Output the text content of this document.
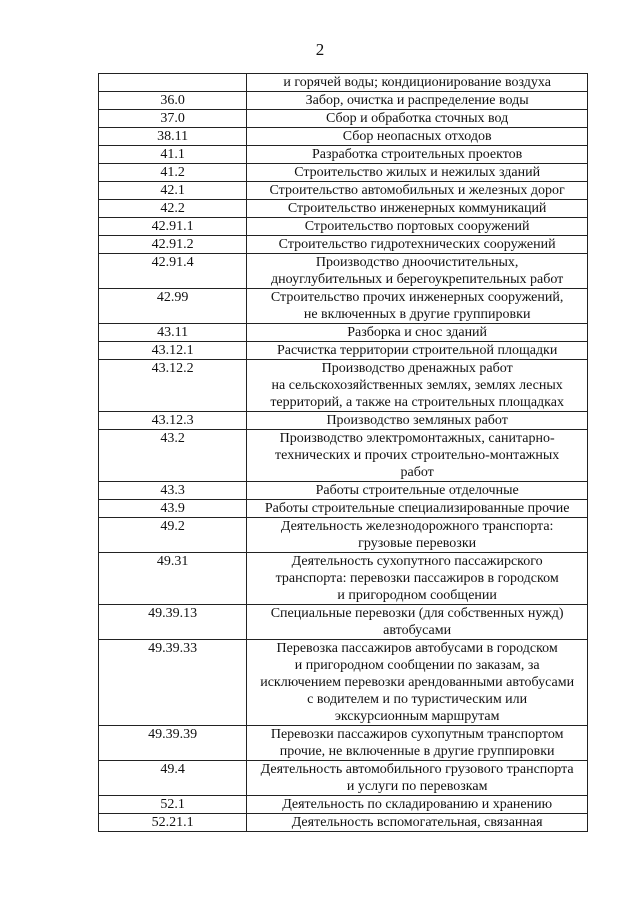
2

	и горячей воды; кондиционирование воздуха

36.0	Забор, очистка и распределение воды

37.0	Сбор и обработка сточных вод

38.11	Сбор неопасных отходов

41.1	Разработка строительных проектов

41.2	Строительство жилых и нежилых зданий

42.1	Строительство автомобильных и железных дорог

42.2	Строительство инженерных коммуникаций

42.91.1	Строительство портовых сооружений

42.91.2	Строительство гидротехнических сооружений

42.91.4	Производство дноочистительных,
дноуглубительных и берегоукрепительных работ

42.99	Строительство прочих инженерных сооружений,
не включенных в другие группировки

43.11	Разборка и снос зданий

43.12.1	Расчистка территории строительной площадки

43.12.2	Производство дренажных работ
на сельскохозяйственных землях, землях лесных
территорий, а также на строительных площадках

43.12.3	Производство земляных работ

43.2	Производство электромонтажных, санитарно-
технических и прочих строительно-монтажных
работ

43.3	Работы строительные отделочные

43.9	Работы строительные специализированные прочие

49.2	Деятельность железнодорожного транспорта:
грузовые перевозки

49.31	Деятельность сухопутного пассажирского
транспорта: перевозки пассажиров в городском
и пригородном сообщении

49.39.13	Специальные перевозки (для собственных нужд)
автобусами

49.39.33	Перевозка пассажиров автобусами в городском
и пригородном сообщении по заказам, за
исключением перевозки арендованными автобусами
с водителем и по туристическим или
экскурсионным маршрутам

49.39.39	Перевозки пассажиров сухопутным транспортом
прочие, не включенные в другие группировки

49.4	Деятельность автомобильного грузового транспорта
и услуги по перевозкам

52.1	Деятельность по складированию и хранению

52.21.1	Деятельность вспомогательная, связанная
